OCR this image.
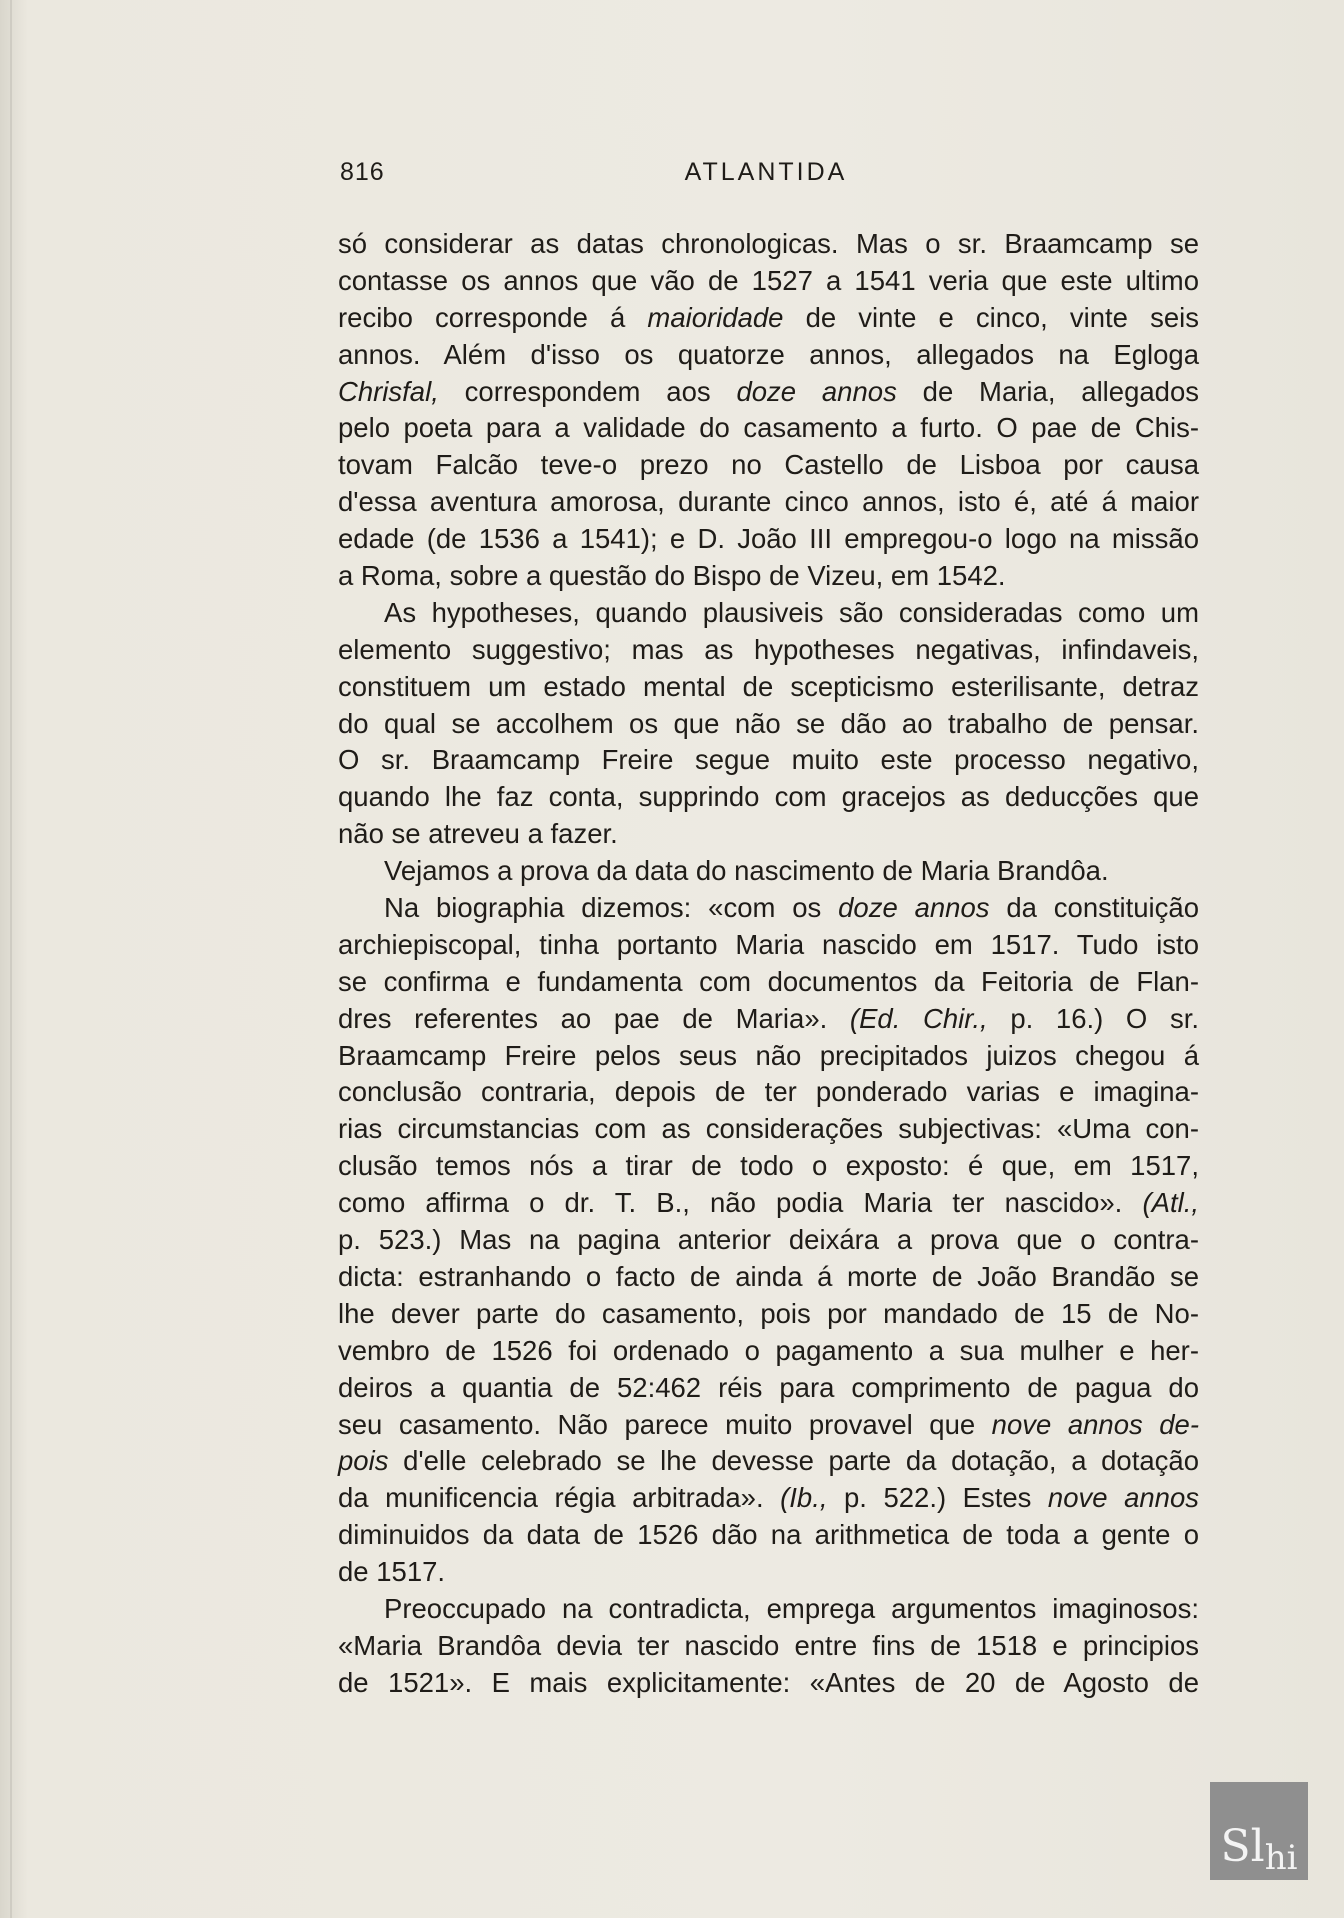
816	ATLANTIDA
só considerar as datas chronologicas. Mas o sr. Braamcamp se
contasse os annos que vão de 1527 a 1541 veria que este ultimo
recibo corresponde á maioridade de vinte e cinco, vinte seis
annos. Além d'isso os quatorze annos, allegados na Egloga
Chrisfal, correspondem aos doze annos de Maria, allegados
pelo poeta para a validade do casamento a furto. O pae de Chis-
tovam Falcão teve-o prezo no Castello de Lisboa por causa
d'essa aventura amorosa, durante cinco annos, isto é, até á maior
edade (de 1536 a 1541); e D. João III empregou-o logo na missão
a Roma, sobre a questão do Bispo de Vizeu, em 1542.
As hypotheses, quando plausiveis são consideradas como um
elemento suggestivo; mas as hypotheses negativas, infindaveis,
constituem um estado mental de scepticismo esterilisante, detraz
do qual se accolhem os que não se dão ao trabalho de pensar.
O sr. Braamcamp Freire segue muito este processo negativo,
quando lhe faz conta, supprindo com gracejos as deducções que
não se atreveu a fazer.
Vejamos a prova da data do nascimento de Maria Brandôa.
Na biographia dizemos: «com os doze annos da constituição
archiepiscopal, tinha portanto Maria nascido em 1517. Tudo isto
se confirma e fundamenta com documentos da Feitoria de Flan-
dres referentes ao pae de Maria». (Ed. Chir., p. 16.) O sr.
Braamcamp Freire pelos seus não precipitados juizos chegou á
conclusão contraria, depois de ter ponderado varias e imagina-
rias circumstancias com as considerações subjectivas: «Uma con-
clusão temos nós a tirar de todo o exposto: é que, em 1517,
como affirma o dr. T. B., não podia Maria ter nascido». (Atl.,
p. 523.) Mas na pagina anterior deixára a prova que o contra-
dicta: estranhando o facto de ainda á morte de João Brandão se
lhe dever parte do casamento, pois por mandado de 15 de No-
vembro de 1526 foi ordenado o pagamento a sua mulher e her-
deiros a quantia de 52:462 réis para comprimento de pagua do
seu casamento. Não parece muito provavel que nove annos de-
pois d'elle celebrado se lhe devesse parte da dotação, a dotação
da munificencia régia arbitrada». (Ib., p. 522.) Estes nove annos
diminuidos da data de 1526 dão na arithmetica de toda a gente o
de 1517.
Preoccupado na contradicta, emprega argumentos imaginosos:
«Maria Brandôa devia ter nascido entre fins de 1518 e principios
de 1521». E mais explicitamente: «Antes de 20 de Agosto de
Sl hi
